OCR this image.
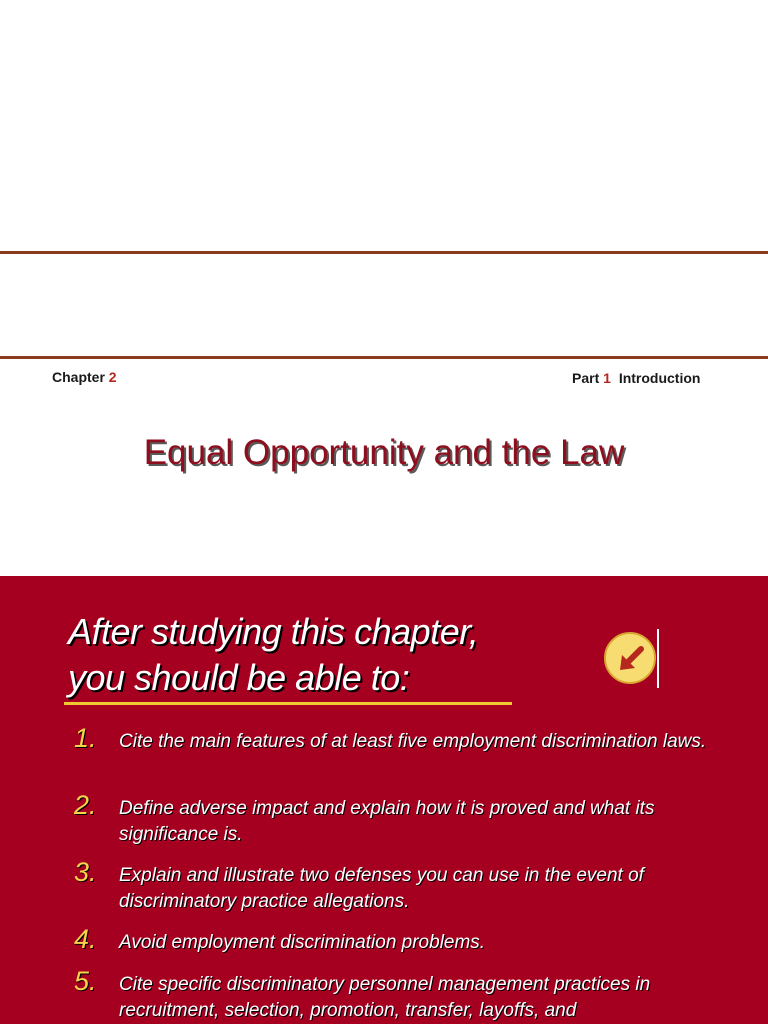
Chapter 2	Part 1 Introduction
Equal Opportunity and the Law
After studying this chapter,
you should be able to:
1. Cite the main features of at least five employment discrimination laws.
2. Define adverse impact and explain how it is proved and what its significance is.
3. Explain and illustrate two defenses you can use in the event of discriminatory practice allegations.
4. Avoid employment discrimination problems.
5. Cite specific discriminatory personnel management practices in recruitment, selection, promotion, transfer, layoffs, and
